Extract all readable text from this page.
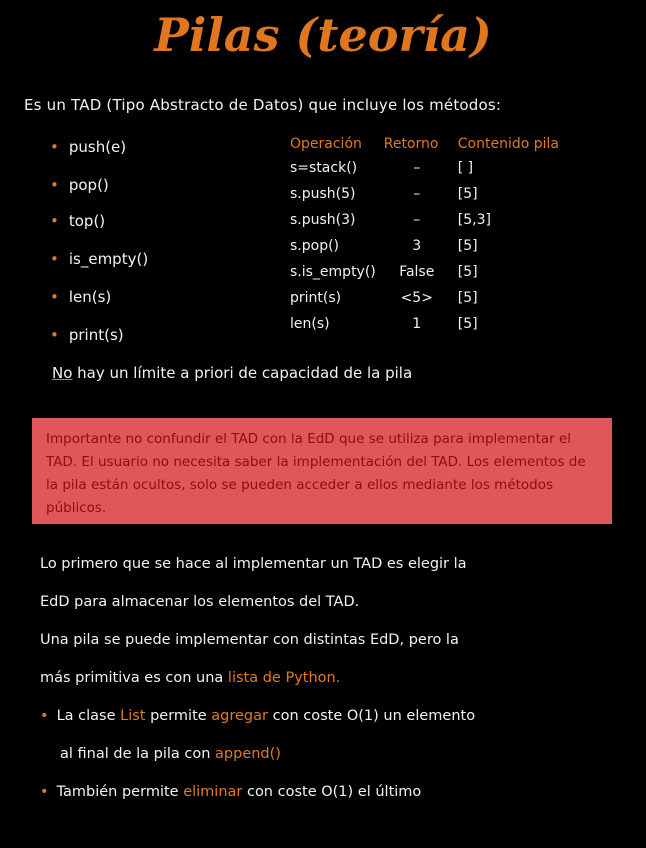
Pilas (teoría)
Es un TAD (Tipo Abstracto de Datos) que incluye los métodos:
• push(e)
• pop()
• top()
• is_empty()
• len(s)
• print(s)
Operación	Retorno	Contenido pila
s=stack()	–	[ ]
s.push(5)	–	[5]
s.push(3)	–	[5,3]
s.pop()	3	[5]
s.is_empty()	False	[5]
print(s)	<5>	[5]
len(s)	1	[5]
No hay un límite a priori de capacidad de la pila
Importante no confundir el TAD con la EdD que se utiliza para implementar el TAD. El usuario no necesita saber la implementación del TAD. Los elementos de la pila están ocultos, solo se pueden acceder a ellos mediante los métodos públicos.
Lo primero que se hace al implementar un TAD es elegir la
EdD para almacenar los elementos del TAD.
Una pila se puede implementar con distintas EdD, pero la
más primitiva es con una lista de Python.
• La clase List permite agregar con coste O(1) un elemento
al final de la pila con append()
• También permite eliminar con coste O(1) el último
